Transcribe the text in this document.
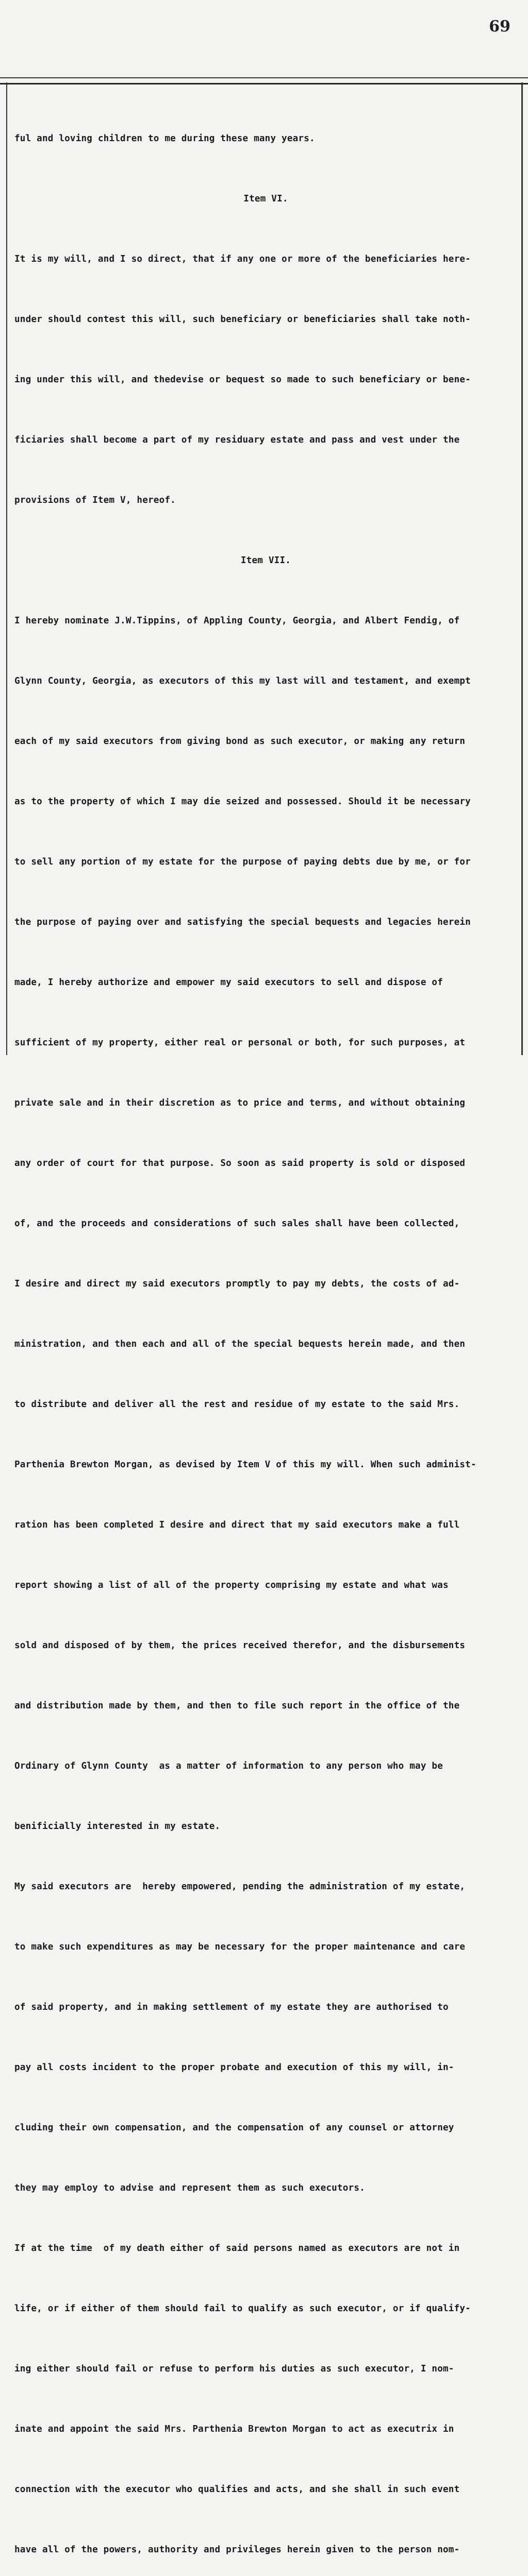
69

ful and loving children to me during these many years.

Item VI.

It is my will, and I so direct, that if any one or more of the beneficiaries here-

under should contest this will, such beneficiary or beneficiaries shall take noth-

ing under this will, and thedevise or bequest so made to such beneficiary or bene-

ficiaries shall become a part of my residuary estate and pass and vest under the

provisions of Item V, hereof.

Item VII.

I hereby nominate J.W.Tippins, of Appling County, Georgia, and Albert Fendig, of

Glynn County, Georgia, as executors of this my last will and testament, and exempt

each of my said executors from giving bond as such executor, or making any return

as to the property of which I may die seized and possessed. Should it be necessary

to sell any portion of my estate for the purpose of paying debts due by me, or for

the purpose of paying over and satisfying the special bequests and legacies herein

made, I hereby authorize and empower my said executors to sell and dispose of

sufficient of my property, either real or personal or both, for such purposes, at

private sale and in their discretion as to price and terms, and without obtaining

any order of court for that purpose. So soon as said property is sold or disposed

of, and the proceeds and considerations of such sales shall have been collected,

I desire and direct my said executors promptly to pay my debts, the costs of ad-

ministration, and then each and all of the special bequests herein made, and then

to distribute and deliver all the rest and residue of my estate to the said Mrs.

Parthenia Brewton Morgan, as devised by Item V of this my will. When such administ-

ration has been completed I desire and direct that my said executors make a full

report showing a list of all of the property comprising my estate and what was

sold and disposed of by them, the prices received therefor, and the disbursements

and distribution made by them, and then to file such report in the office of the

Ordinary of Glynn County  as a matter of information to any person who may be

benificially interested in my estate.

My said executors are  hereby empowered, pending the administration of my estate,

to make such expenditures as may be necessary for the proper maintenance and care

of said property, and in making settlement of my estate they are authorised to

pay all costs incident to the proper probate and execution of this my will, in-

cluding their own compensation, and the compensation of any counsel or attorney

they may employ to advise and represent them as such executors.

If at the time  of my death either of said persons named as executors are not in

life, or if either of them should fail to qualify as such executor, or if qualify-

ing either should fail or refuse to perform his duties as such executor, I nom-

inate and appoint the said Mrs. Parthenia Brewton Morgan to act as executrix in

connection with the executor who qualifies and acts, and she shall in such event

have all of the powers, authority and privileges herein given to the person nom-
